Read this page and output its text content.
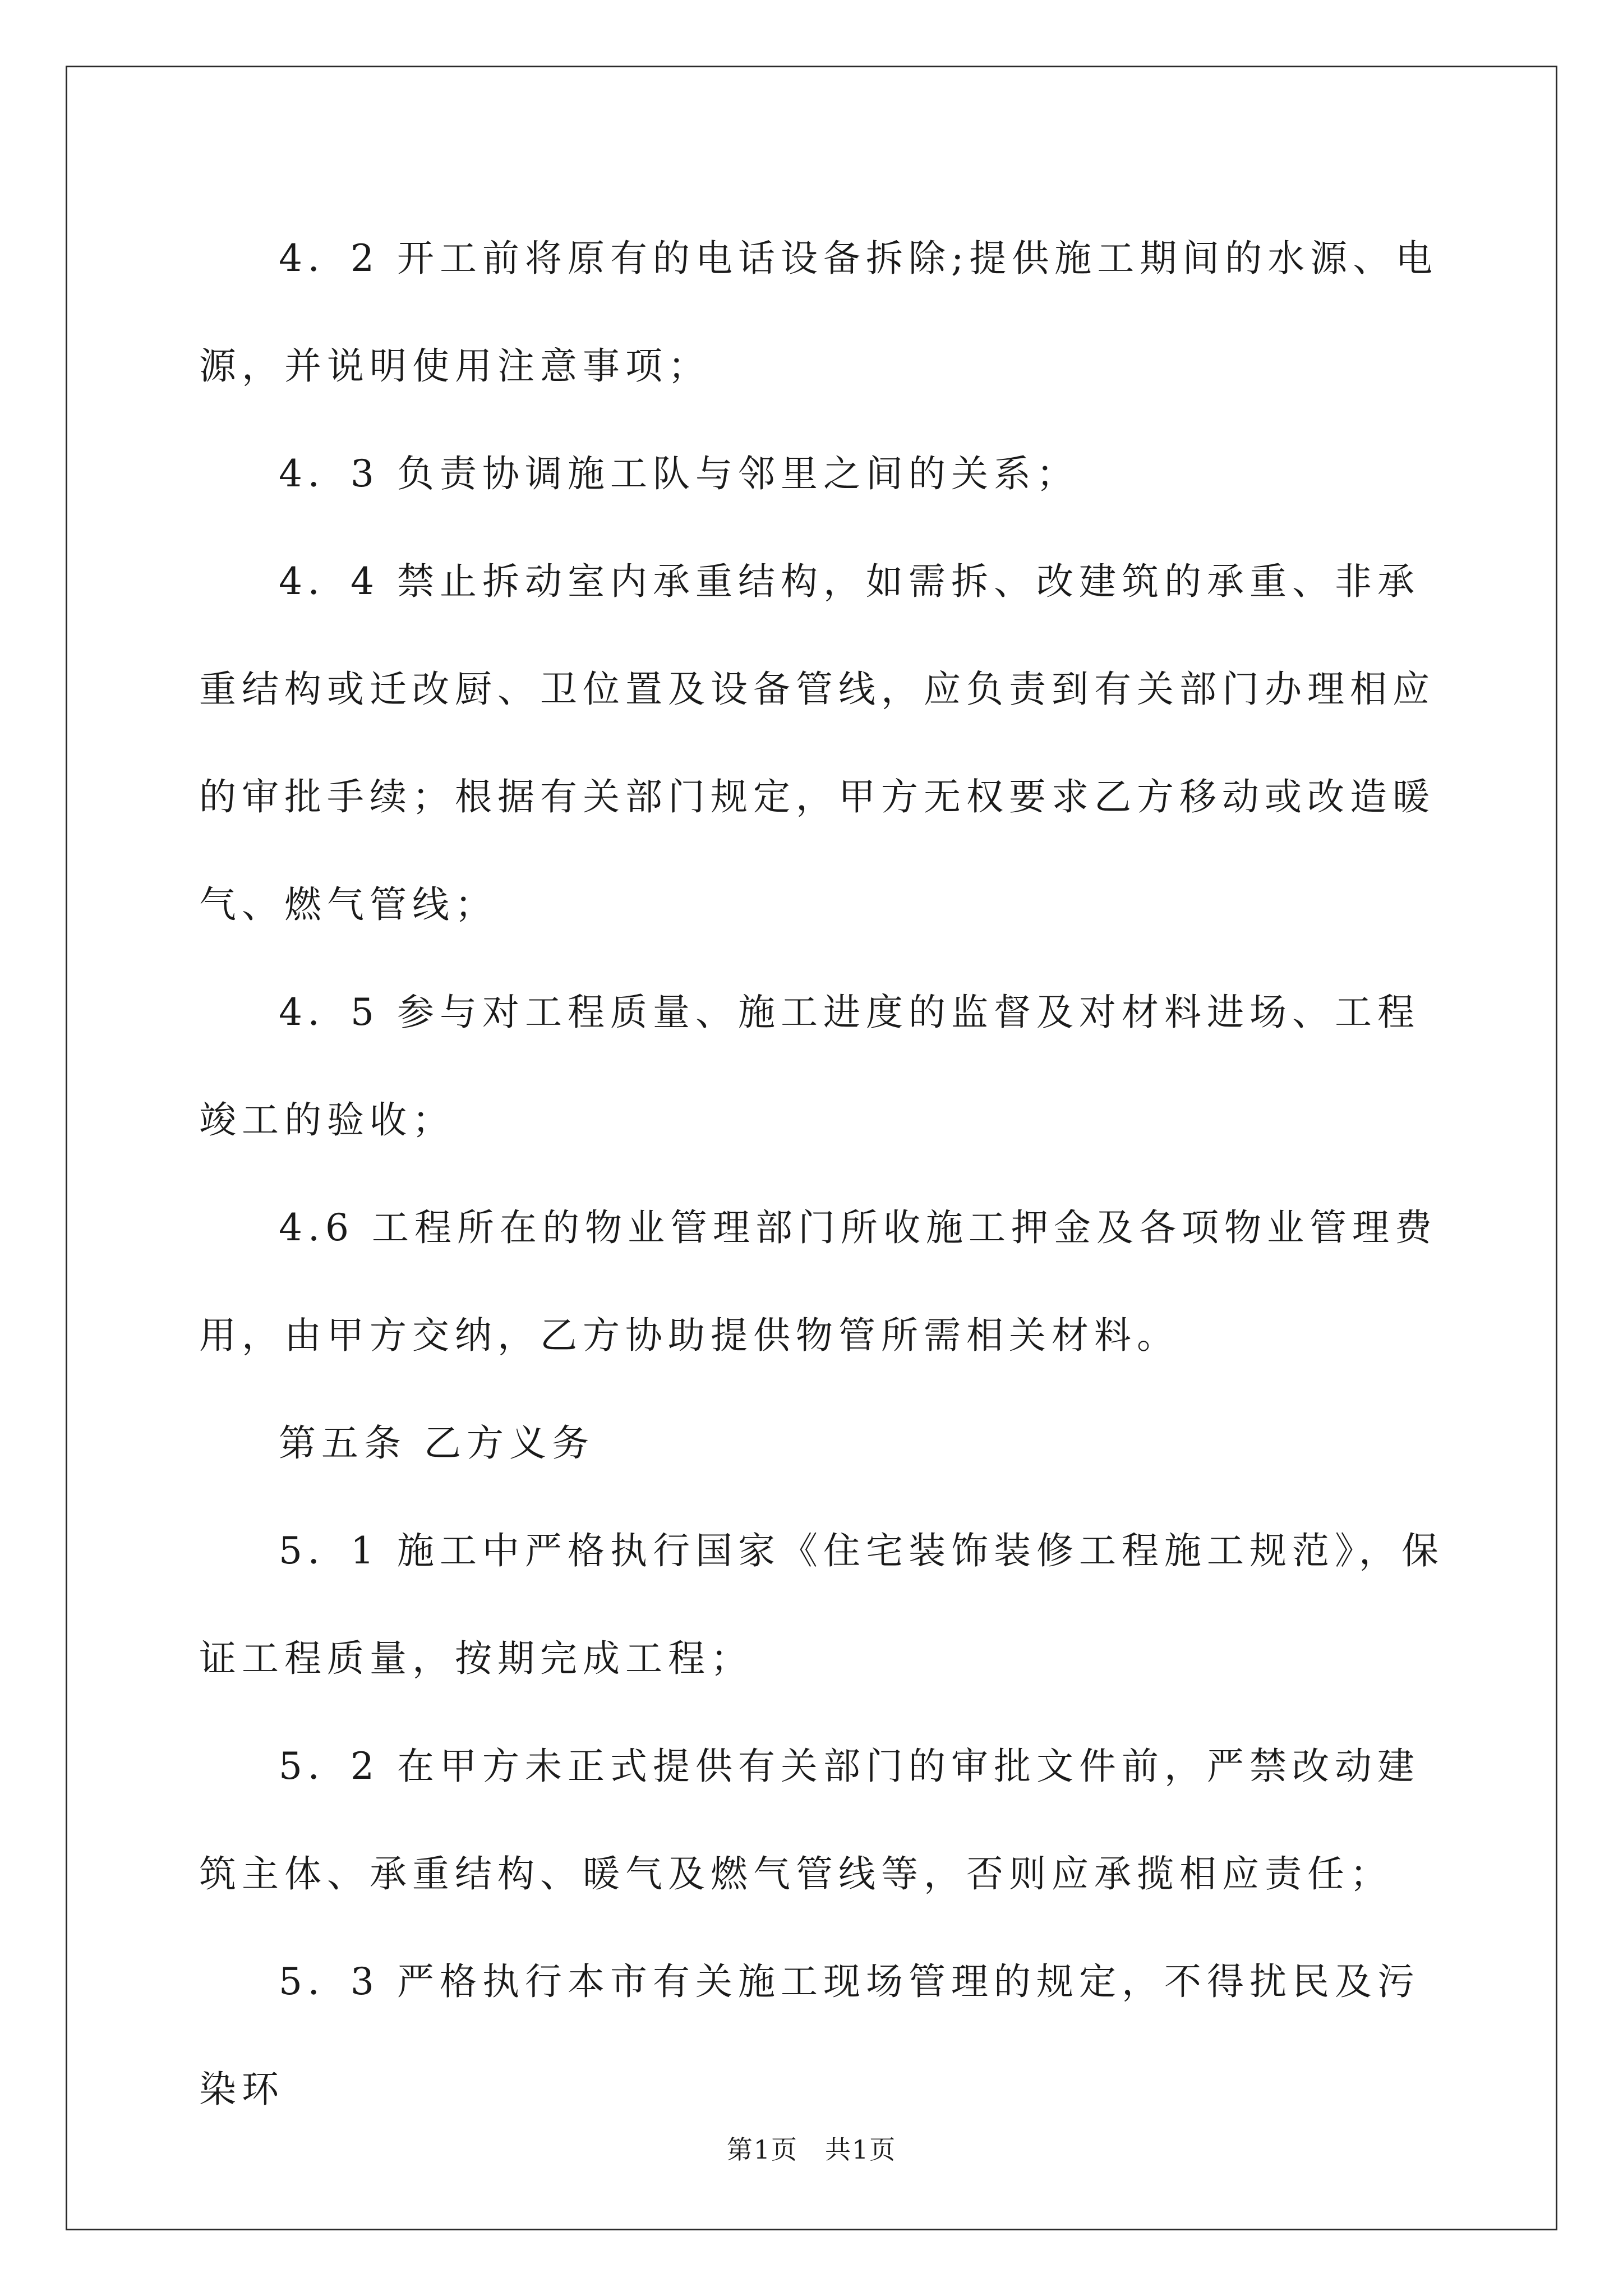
4．2 开工前将原有的电话设备拆除;提供施工期间的水源、电源，并说明使用注意事项；

4．3 负责协调施工队与邻里之间的关系；

4．4 禁止拆动室内承重结构，如需拆、改建筑的承重、非承重结构或迁改厨、卫位置及设备管线，应负责到有关部门办理相应的审批手续；根据有关部门规定，甲方无权要求乙方移动或改造暖气、燃气管线；

4．5 参与对工程质量、施工进度的监督及对材料进场、工程竣工的验收；

4.6 工程所在的物业管理部门所收施工押金及各项物业管理费用，由甲方交纳，乙方协助提供物管所需相关材料。

第五条 乙方义务

5．1 施工中严格执行国家《住宅装饰装修工程施工规范》，保证工程质量，按期完成工程；

5．2 在甲方未正式提供有关部门的审批文件前，严禁改动建筑主体、承重结构、暖气及燃气管线等，否则应承揽相应责任；

5．3 严格执行本市有关施工现场管理的规定，不得扰民及污染环

第1页　共1页
